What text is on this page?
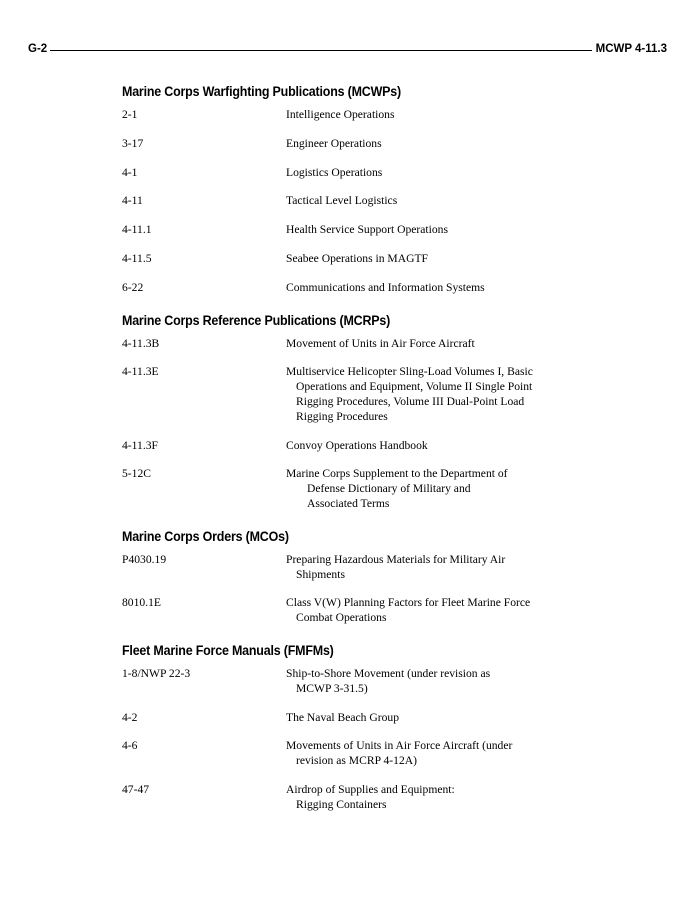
G-2	MCWP 4-11.3
Marine Corps Warfighting Publications (MCWPs)
2-1	Intelligence Operations
3-17	Engineer Operations
4-1	Logistics Operations
4-11	Tactical Level Logistics
4-11.1	Health Service Support Operations
4-11.5	Seabee Operations in MAGTF
6-22	Communications and Information Systems
Marine Corps Reference Publications (MCRPs)
4-11.3B	Movement of Units in Air Force Aircraft
4-11.3E	Multiservice Helicopter Sling-Load Volumes I, Basic
Operations and Equipment, Volume II Single Point
Rigging Procedures, Volume III Dual-Point Load
Rigging Procedures
4-11.3F	Convoy Operations Handbook
5-12C	Marine Corps Supplement to the Department of
Defense Dictionary of Military and
Associated Terms
Marine Corps Orders (MCOs)
P4030.19	Preparing Hazardous Materials for Military Air
Shipments
8010.1E	Class V(W) Planning Factors for Fleet Marine Force
Combat Operations
Fleet Marine Force Manuals (FMFMs)
1-8/NWP 22-3	Ship-to-Shore Movement (under revision as
MCWP 3-31.5)
4-2	The Naval Beach Group
4-6	Movements of Units in Air Force Aircraft (under
revision as MCRP 4-12A)
47-47	Airdrop of Supplies and Equipment:
Rigging Containers
